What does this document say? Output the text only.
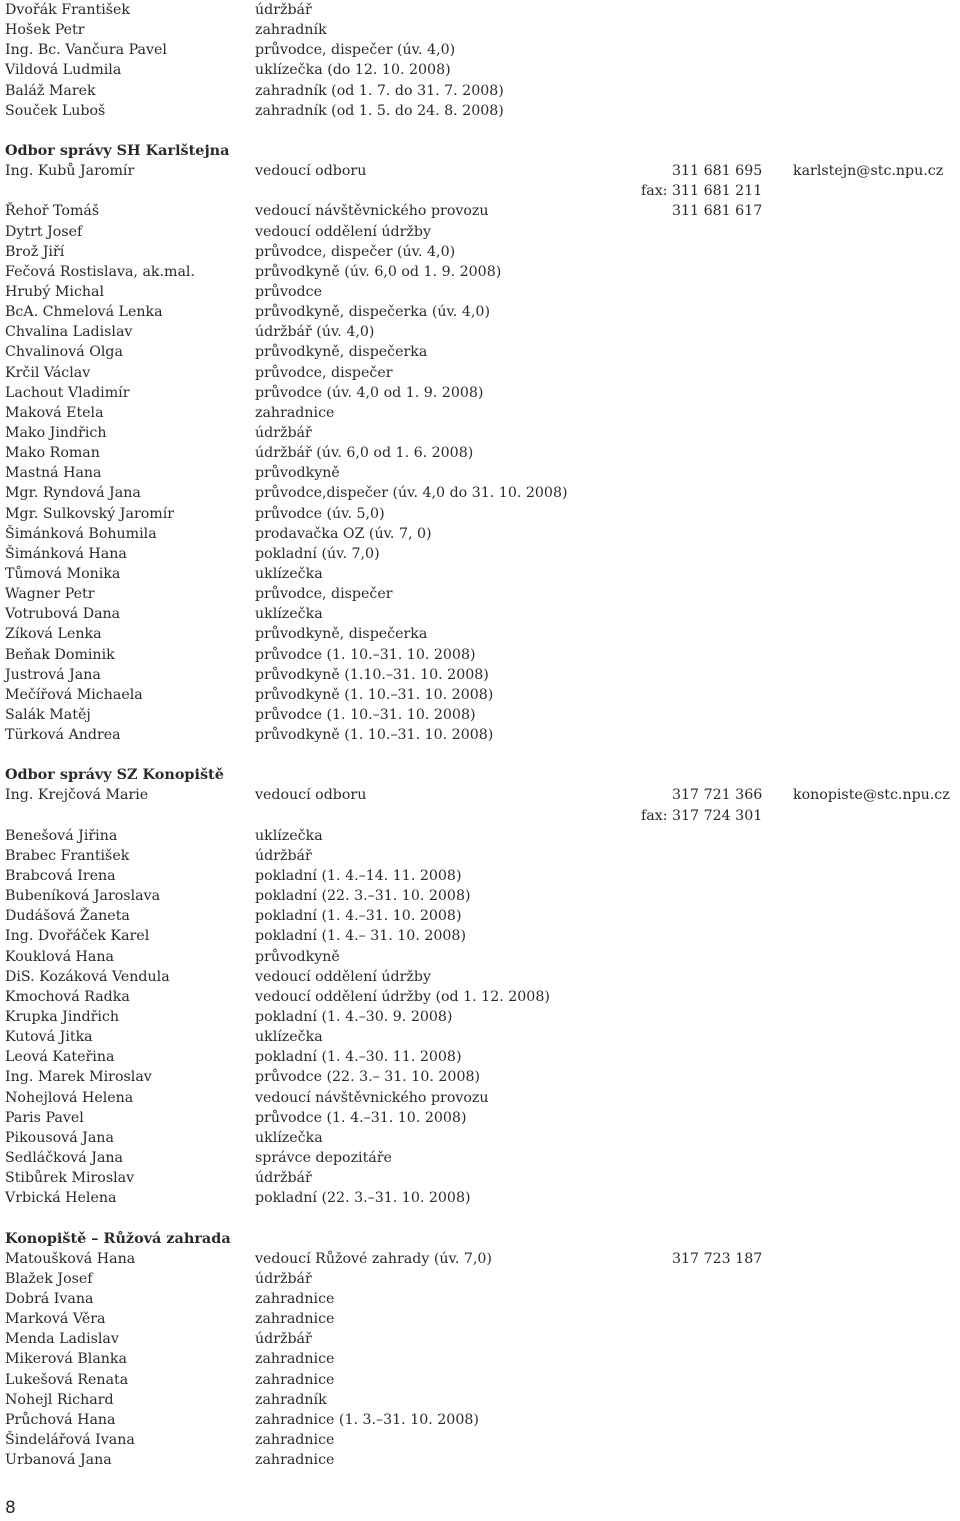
Dvořák František	údržbář
Hošek Petr	zahradník
Ing. Bc. Vančura Pavel	průvodce, dispečer (úv. 4,0)
Vildová Ludmila	uklízečka (do 12. 10. 2008)
Baláž Marek	zahradník (od 1. 7. do 31. 7. 2008)
Souček Luboš	zahradník (od 1. 5. do 24. 8. 2008)
Odbor správy SH Karlštejna
Ing. Kubů Jaromír	vedoucí odboru	311 681 695 karlstejn@stc.npu.cz
fax: 311 681 211
Řehoř Tomáš	vedoucí návštěvnického provozu	311 681 617
Dytrt Josef	vedoucí oddělení údržby
Brož Jiří	průvodce, dispečer (úv. 4,0)
Fečová Rostislava, ak.mal.	průvodkyně (úv. 6,0 od 1. 9. 2008)
Hrubý Michal	průvodce
BcA. Chmelová Lenka	průvodkyně, dispečerka (úv. 4,0)
Chvalina Ladislav	údržbář (úv. 4,0)
Chvalinová Olga	průvodkyně, dispečerka
Krčil Václav	průvodce, dispečer
Lachout Vladimír	průvodce (úv. 4,0 od 1. 9. 2008)
Maková Etela	zahradnice
Mako Jindřich	údržbář
Mako Roman	údržbář (úv. 6,0 od 1. 6. 2008)
Mastná Hana	průvodkyně
Mgr. Ryndová Jana	průvodce,dispečer (úv. 4,0 do 31. 10. 2008)
Mgr. Sulkovský Jaromír	průvodce (úv. 5,0)
Šimánková Bohumila	prodavačka OZ (úv. 7, 0)
Šimánková Hana	pokladní (úv. 7,0)
Tůmová Monika	uklízečka
Wagner Petr	průvodce, dispečer
Votrubová Dana	uklízečka
Zíková Lenka	průvodkyně, dispečerka
Beňak Dominik	průvodce (1. 10.–31. 10. 2008)
Justrová Jana	průvodkyně (1.10.–31. 10. 2008)
Mečířová Michaela	průvodkyně (1. 10.–31. 10. 2008)
Salák Matěj	průvodce (1. 10.–31. 10. 2008)
Türková Andrea	průvodkyně (1. 10.–31. 10. 2008)
Odbor správy SZ Konopiště
Ing. Krejčová Marie	vedoucí odboru	317 721 366 konopiste@stc.npu.cz
fax: 317 724 301
Benešová Jiřina	uklízečka
Brabec František	údržbář
Brabcová Irena	pokladní (1. 4.–14. 11. 2008)
Bubeníková Jaroslava	pokladní (22. 3.–31. 10. 2008)
Dudášová Žaneta	pokladní (1. 4.–31. 10. 2008)
Ing. Dvořáček Karel	pokladní (1. 4.– 31. 10. 2008)
Kouklová Hana	průvodkyně
DiS. Kozáková Vendula	vedoucí oddělení údržby
Kmochová Radka	vedoucí oddělení údržby (od 1. 12. 2008)
Krupka Jindřich	pokladní (1. 4.–30. 9. 2008)
Kutová Jitka	uklízečka
Leová Kateřina	pokladní (1. 4.–30. 11. 2008)
Ing. Marek Miroslav	průvodce (22. 3.– 31. 10. 2008)
Nohejlová Helena	vedoucí návštěvnického provozu
Paris Pavel	průvodce (1. 4.–31. 10. 2008)
Pikousová Jana	uklízečka
Sedláčková Jana	správce depozitáře
Stibůrek Miroslav	údržbář
Vrbická Helena	pokladní (22. 3.–31. 10. 2008)
Konopiště – Růžová zahrada
Matoušková Hana	vedoucí Růžové zahrady (úv. 7,0)	317 723 187
Blažek Josef	údržbář
Dobrá Ivana	zahradnice
Marková Věra	zahradnice
Menda Ladislav	údržbář
Mikerová Blanka	zahradnice
Lukešová Renata	zahradnice
Nohejl Richard	zahradník
Průchová Hana	zahradnice (1. 3.–31. 10. 2008)
Šindelářová Ivana	zahradnice
Urbanová Jana	zahradnice
8
